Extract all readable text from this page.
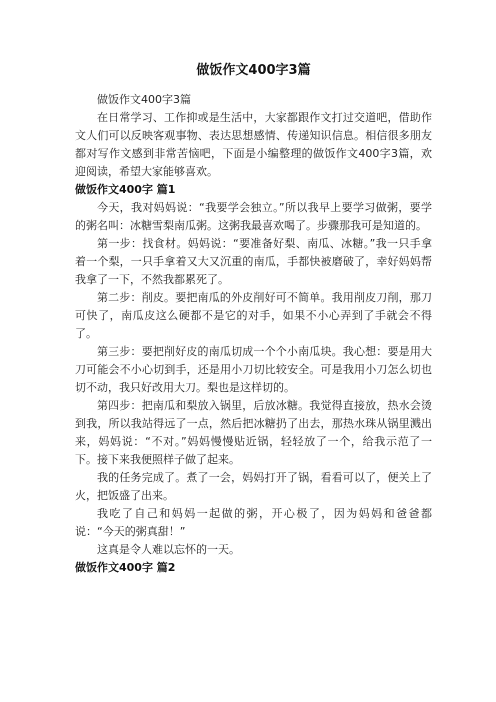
做饭作文400字3篇

做饭作文400字3篇

在日常学习、工作抑或是生活中，大家都跟作文打过交道吧，借助作文人们可以反映客观事物、表达思想感情、传递知识信息。相信很多朋友都对写作文感到非常苦恼吧，下面是小编整理的做饭作文400字3篇，欢迎阅读，希望大家能够喜欢。

做饭作文400字 篇1

今天，我对妈妈说：“我要学会独立。”所以我早上要学习做粥，要学的粥名叫：冰糖雪梨南瓜粥。这粥我最喜欢喝了。步骤那我可是知道的。

第一步：找食材。妈妈说：“要准备好梨、南瓜、冰糖。”我一只手拿着一个梨，一只手拿着又大又沉重的南瓜，手都快被磨破了，幸好妈妈帮我拿了一下，不然我都累死了。

第二步：削皮。要把南瓜的外皮削好可不简单。我用削皮刀削，那刀可快了，南瓜皮这么硬都不是它的对手，如果不小心弄到了手就会不得了。

第三步：要把削好皮的南瓜切成一个个小南瓜块。我心想：要是用大刀可能会不小心切到手，还是用小刀切比较安全。可是我用小刀怎么切也切不动，我只好改用大刀。梨也是这样切的。

第四步：把南瓜和梨放入锅里，后放冰糖。我觉得直接放，热水会烫到我，所以我站得远了一点，然后把冰糖扔了出去，那热水珠从锅里溅出来，妈妈说：“不对。”妈妈慢慢贴近锅，轻轻放了一个，给我示范了一下。接下来我便照样子做了起来。

我的任务完成了。煮了一会，妈妈打开了锅，看看可以了，便关上了火，把饭盛了出来。

我吃了自己和妈妈一起做的粥，开心极了，因为妈妈和爸爸都说：“今天的粥真甜！”

这真是令人难以忘怀的一天。

做饭作文400字 篇2
